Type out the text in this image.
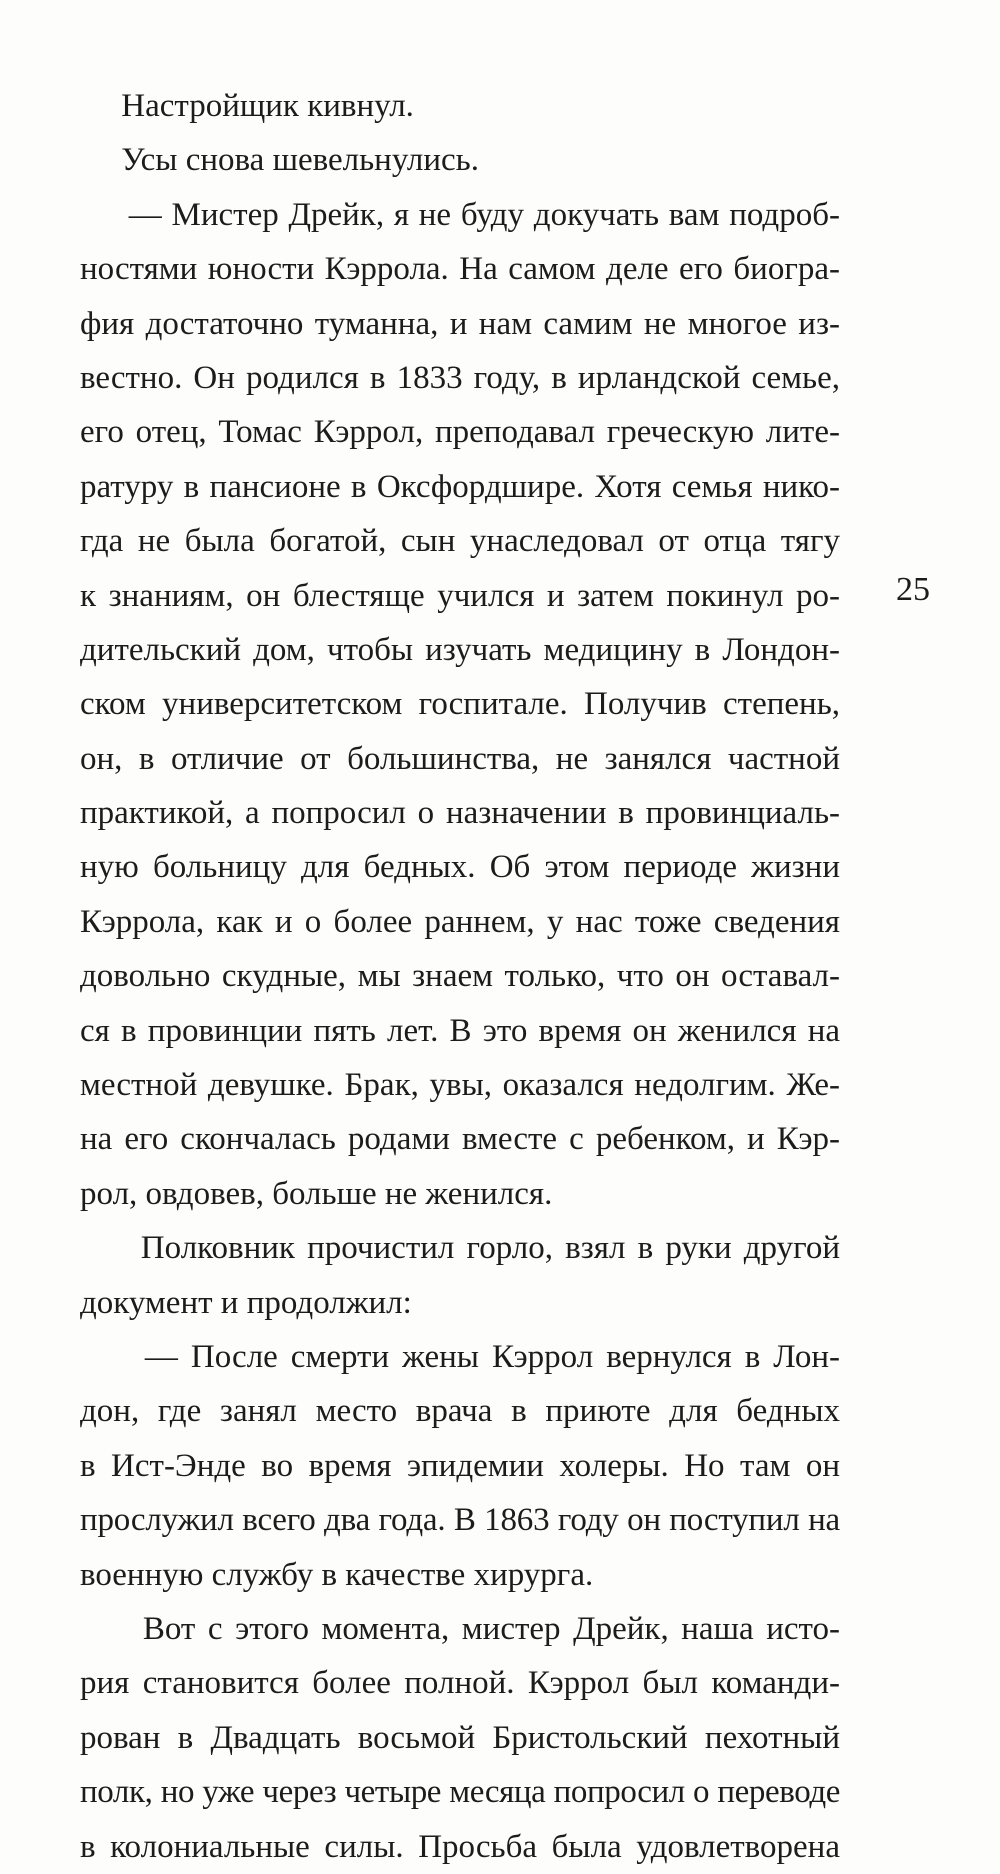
Настройщик кивнул.
Усы снова шевельнулись.
— Мистер Дрейк, я не буду докучать вам подроб-
ностями юности Кэррола. На самом деле его биогра-
фия достаточно туманна, и нам самим не многое из-
вестно. Он родился в 1833 году, в ирландской семье,
его отец, Томас Кэррол, преподавал греческую лите-
ратуру в пансионе в Оксфордшире. Хотя семья нико-
гда не была богатой, сын унаследовал от отца тягу
к знаниям, он блестяще учился и затем покинул ро-
дительский дом, чтобы изучать медицину в Лондон-
ском университетском госпитале. Получив степень,
он, в отличие от большинства, не занялся частной
практикой, а попросил о назначении в провинциаль-
ную больницу для бедных. Об этом периоде жизни
Кэррола, как и о более раннем, у нас тоже сведения
довольно скудные, мы знаем только, что он оставал-
ся в провинции пять лет. В это время он женился на
местной девушке. Брак, увы, оказался недолгим. Же-
на его скончалась родами вместе с ребенком, и Кэр-
рол, овдовев, больше не женился.
Полковник прочистил горло, взял в руки другой
документ и продолжил:
— После смерти жены Кэррол вернулся в Лон-
дон, где занял место врача в приюте для бедных
в Ист-Энде во время эпидемии холеры. Но там он
прослужил всего два года. В 1863 году он поступил на
военную службу в качестве хирурга.
Вот с этого момента, мистер Дрейк, наша исто-
рия становится более полной. Кэррол был команди-
рован в Двадцать восьмой Бристольский пехотный
полк, но уже через четыре месяца попросил о переводе
в колониальные силы. Просьба была удовлетворена
25
